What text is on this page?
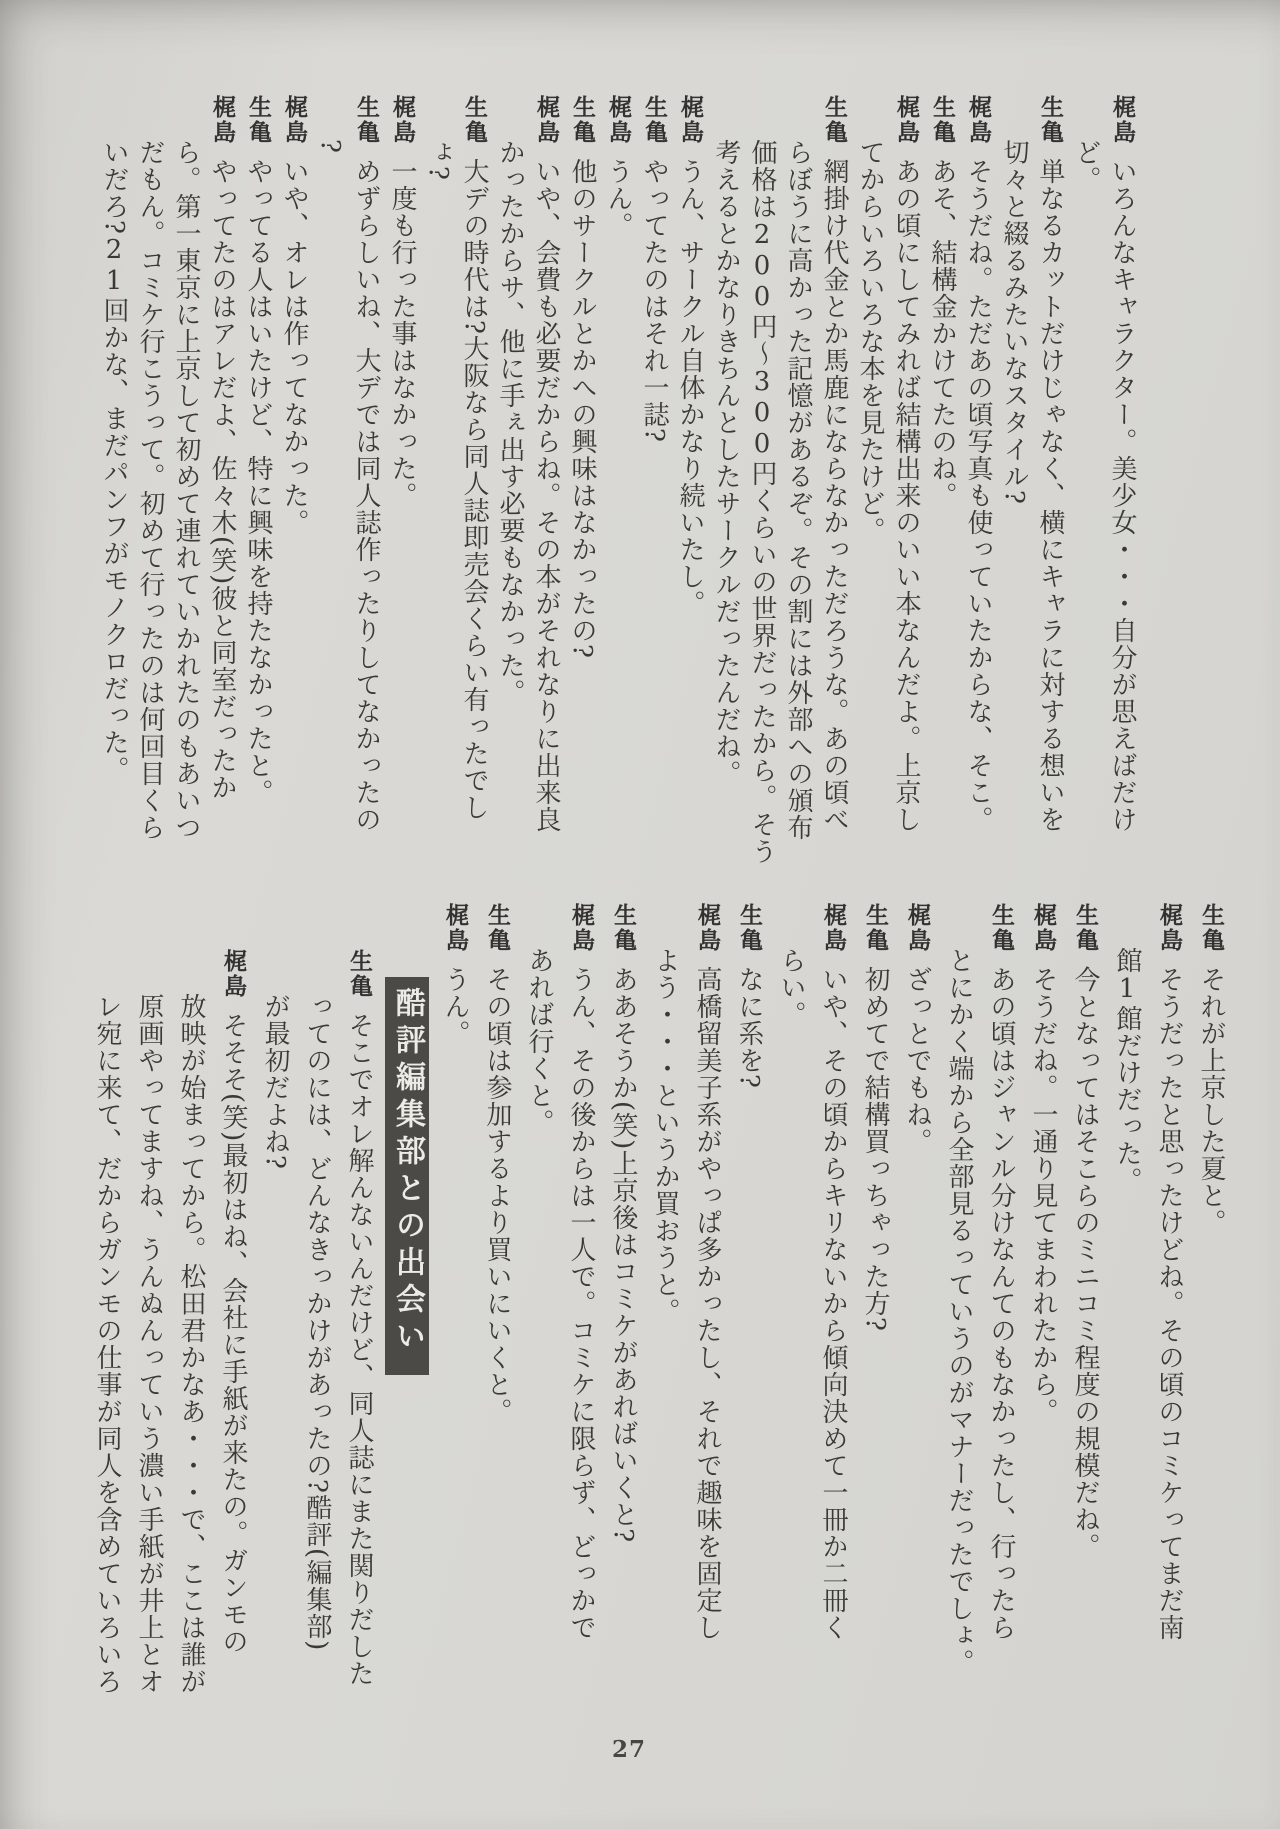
梶島いろんなキャラクター。美少女・・・自分が思えばだけ
ど。
生亀単なるカットだけじゃなく、横にキャラに対する想いを
切々と綴るみたいなスタイル?
梶島そうだね。ただあの頃写真も使っていたからな、そこ。
生亀あそ、結構金かけてたのね。
梶島あの頃にしてみれば結構出来のいい本なんだよ。上京し
てからいろいろな本を見たけど。
生亀網掛け代金とか馬鹿にならなかっただろうな。あの頃べ
らぼうに高かった記憶があるぞ。その割には外部への頒布
価格は200円〜300円くらいの世界だったから。そう
考えるとかなりきちんとしたサークルだったんだね。
梶島うん、サークル自体かなり続いたし。
生亀やってたのはそれ一誌?
梶島うん。
生亀他のサークルとかへの興味はなかったの?
梶島いや、会費も必要だからね。その本がそれなりに出来良
かったからサ、他に手ぇ出す必要もなかった。
生亀大デの時代は?大阪なら同人誌即売会くらい有ったでし
ょ?
梶島一度も行った事はなかった。
生亀めずらしいね、大デでは同人誌作ったりしてなかったの
?
梶島いや、オレは作ってなかった。
生亀やってる人はいたけど、特に興味を持たなかったと。
梶島やってたのはアレだよ、佐々木(笑)彼と同室だったか
ら。第一東京に上京して初めて連れていかれたのもあいつ
だもん。コミケ行こうって。初めて行ったのは何回目くら
いだろ?21回かな、まだパンフがモノクロだった。
生亀それが上京した夏と。
梶島そうだったと思ったけどね。その頃のコミケってまだ南
館1館だけだった。
生亀今となってはそこらのミニコミ程度の規模だね。
梶島そうだね。一通り見てまわれたから。
生亀あの頃はジャンル分けなんてのもなかったし、行ったら
とにかく端から全部見るっていうのがマナーだったでしょ。
梶島ざっとでもね。
生亀初めてで結構買っちゃった方?
梶島いや、その頃からキリないから傾向決めて一冊か二冊く
らい。
生亀なに系を?
梶島高橋留美子系がやっぱ多かったし、それで趣味を固定し
よう・・・というか買おうと。
生亀ああそうか(笑)上京後はコミケがあればいくと?
梶島うん、その後からは一人で。コミケに限らず、どっかで
あれば行くと。
生亀その頃は参加するより買いにいくと。
梶島うん。
酷評編集部との出会い
生亀そこでオレ解んないんだけど、同人誌にまた関りだした
ってのには、どんなきっかけがあったの?酷評(編集部)
が最初だよね?
梶島そそそ(笑)最初はね、会社に手紙が来たの。ガンモの
放映が始まってから。松田君かなあ・・・で、ここは誰が
原画やってますね、うんぬんっていう濃い手紙が井上とオ
レ宛に来て、だからガンモの仕事が同人を含めていろいろ
27
